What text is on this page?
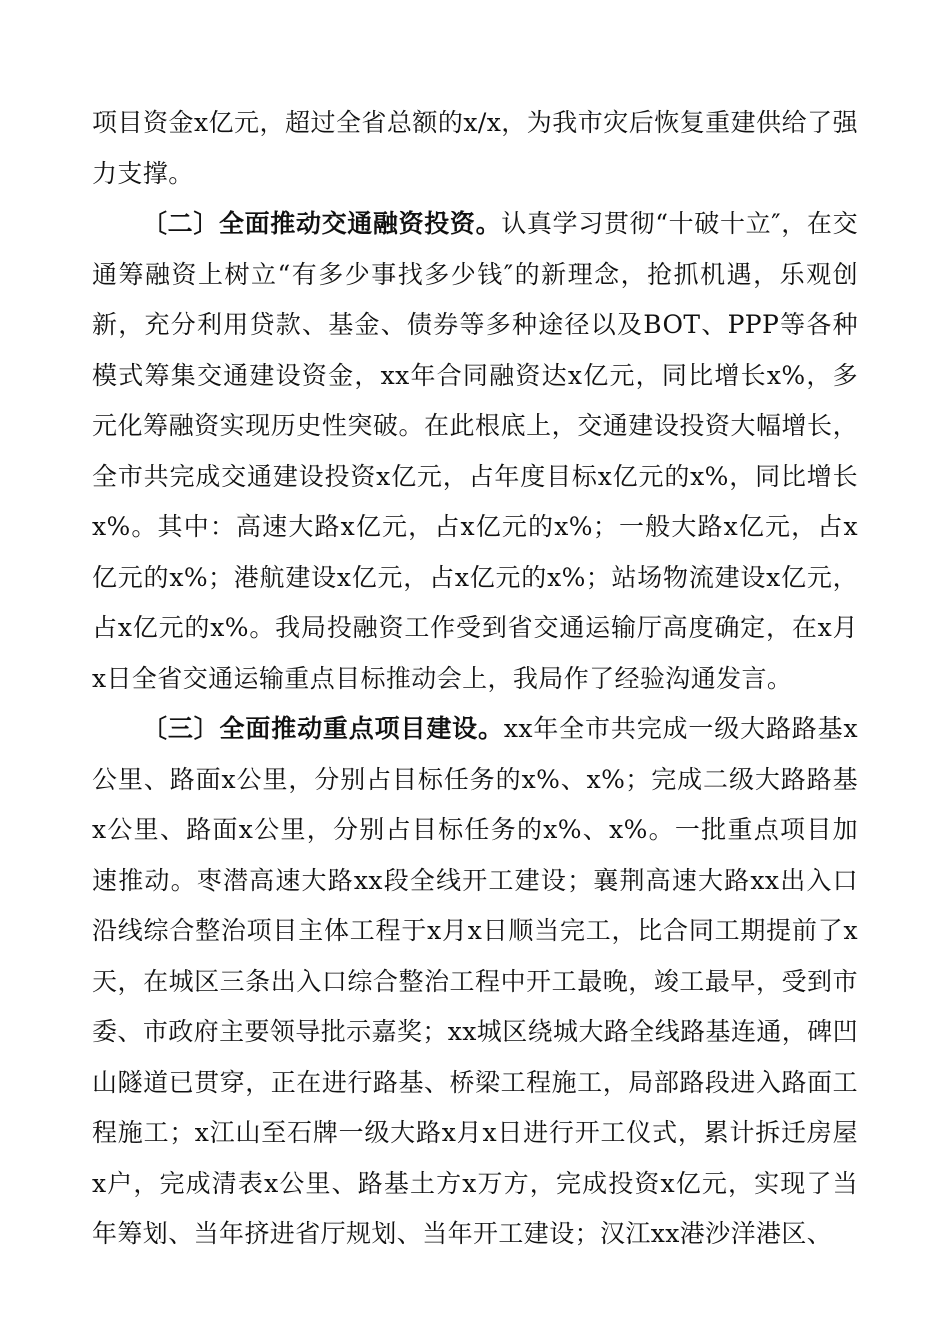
项目资金x亿元，超过全省总额的x/x，为我市灾后恢复重建供给了强力支撑。

〔二〕全面推动交通融资投资。认真学习贯彻“十破十立″，在交通筹融资上树立“有多少事找多少钱″的新理念，抢抓机遇，乐观创新，充分利用贷款、基金、债券等多种途径以及BOT、PPP等各种模式筹集交通建设资金，xx年合同融资达x亿元，同比增长x%，多元化筹融资实现历史性突破。在此根底上，交通建设投资大幅增长，全市共完成交通建设投资x亿元，占年度目标x亿元的x%，同比增长x%。其中：高速大路x亿元，占x亿元的x%；一般大路x亿元，占x亿元的x%；港航建设x亿元，占x亿元的x%；站场物流建设x亿元，占x亿元的x%。我局投融资工作受到省交通运输厅高度确定，在x月x日全省交通运输重点目标推动会上，我局作了经验沟通发言。

〔三〕全面推动重点项目建设。xx年全市共完成一级大路路基x公里、路面x公里，分别占目标任务的x%、x%；完成二级大路路基x公里、路面x公里，分别占目标任务的x%、x%。一批重点项目加速推动。枣潜高速大路xx段全线开工建设；襄荆高速大路xx出入口沿线综合整治项目主体工程于x月x日顺当完工，比合同工期提前了x天，在城区三条出入口综合整治工程中开工最晚，竣工最早，受到市委、市政府主要领导批示嘉奖；xx城区绕城大路全线路基连通，碑凹山隧道已贯穿，正在进行路基、桥梁工程施工，局部路段进入路面工程施工；x江山至石牌一级大路x月x日进行开工仪式，累计拆迁房屋x户，完成清表x公里、路基土方x万方，完成投资x亿元，实现了当年筹划、当年挤进省厅规划、当年开工建设；汉江xx港沙洋港区、
